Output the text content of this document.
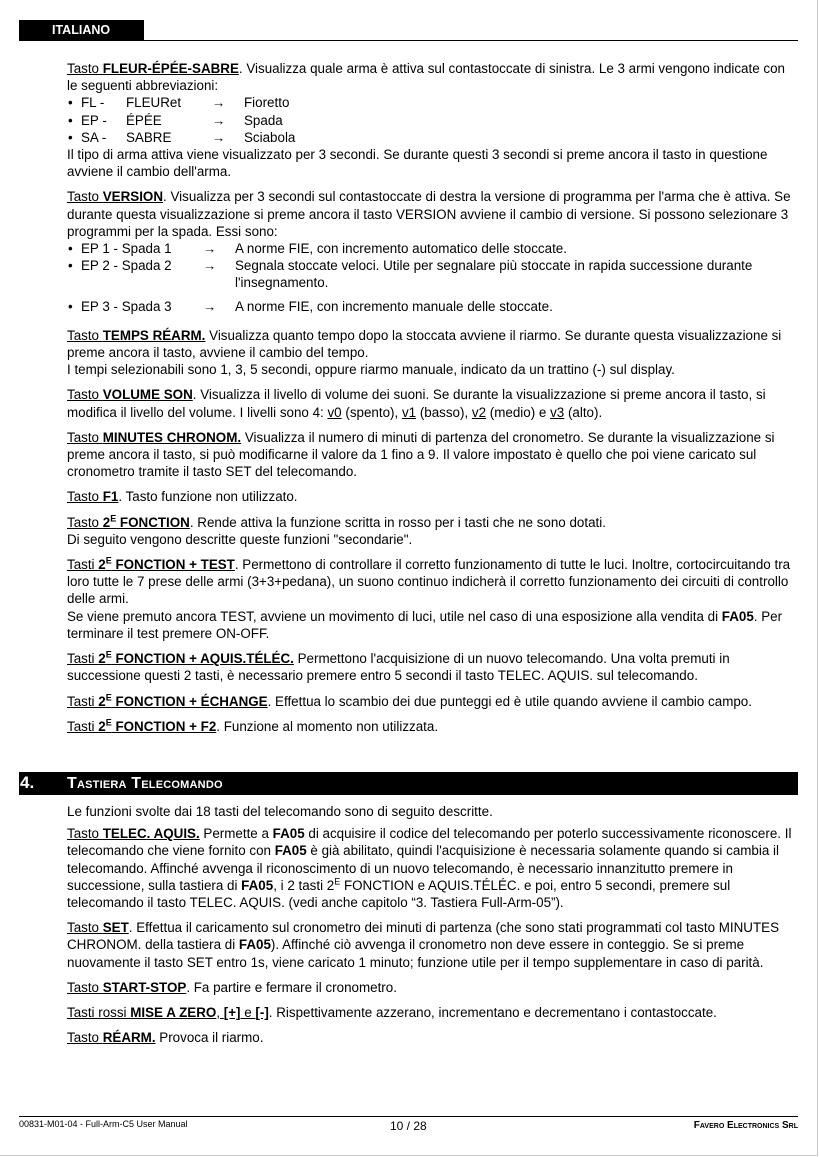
ITALIANO

Tasto FLEUR-ÉPÉE-SABRE. Visualizza quale arma è attiva sul contastoccate di sinistra. Le 3 armi vengono indicate con le seguenti abbreviazioni:

• FL - FLEURet → Fioretto
• EP - ÉPÉE	→ Spada
• SA - SABRE	→ Sciabola

Il tipo di arma attiva viene visualizzato per 3 secondi. Se durante questi 3 secondi si preme ancora il tasto in questione avviene il cambio dell'arma.

Tasto VERSION. Visualizza per 3 secondi sul contastoccate di destra la versione di programma per l'arma che è attiva. Se durante questa visualizzazione si preme ancora il tasto VERSION avviene il cambio di versione. Si possono selezionare 3 programmi per la spada. Essi sono:

• EP 1 - Spada 1	→	A norme FIE, con incremento automatico delle stoccate.
• EP 2 - Spada 2	→	Segnala stoccate veloci. Utile per segnalare più stoccate in rapida successione durante l'insegnamento.
• EP 3 - Spada 3	→	A norme FIE, con incremento manuale delle stoccate.

Tasto TEMPS RÉARM. Visualizza quanto tempo dopo la stoccata avviene il riarmo. Se durante questa visualizzazione si preme ancora il tasto, avviene il cambio del tempo.

I tempi selezionabili sono 1, 3, 5 secondi, oppure riarmo manuale, indicato da un trattino (-) sul display.

Tasto VOLUME SON. Visualizza il livello di volume dei suoni. Se durante la visualizzazione si preme ancora il tasto, si modifica il livello del volume. I livelli sono 4: v0 (spento), v1 (basso), v2 (medio) e v3 (alto).

Tasto MINUTES CHRONOM. Visualizza il numero di minuti di partenza del cronometro. Se durante la visualizzazione si preme ancora il tasto, si può modificarne il valore da 1 fino a 9. Il valore impostato è quello che poi viene caricato sul cronometro tramite il tasto SET del telecomando.

Tasto F1. Tasto funzione non utilizzato.

Tasto $2^E$ FONCTION. Rende attiva la funzione scritta in rosso per i tasti che ne sono dotati.

Di seguito vengono descritte queste funzioni "secondarie".

Tasti $2^E$ FONCTION + TEST. Permettono di controllare il corretto funzionamento di tutte le luci. Inoltre, cortocircuitando tra loro tutte le 7 prese delle armi (3+3+pedana), un suono continuo indicherà il corretto funzionamento dei circuiti di controllo delle armi.

Se viene premuto ancora TEST, avviene un movimento di luci, utile nel caso di una esposizione alla vendita di FA05. Per terminare il test premere ON-OFF.

Tasti $2^E$ FONCTION + AQUIS.TÉLÉC. Permettono l'acquisizione di un nuovo telecomando. Una volta premuti in successione questi 2 tasti, è necessario premere entro 5 secondi il tasto TELEC. AQUIS. sul telecomando.

Tasti $2^E$ FONCTION + ÉCHANGE. Effettua lo scambio dei due punteggi ed è utile quando avviene il cambio campo.

Tasti $2^E$ FONCTION + F2. Funzione al momento non utilizzata.

4. Tastiera Telecomando

Le funzioni svolte dai 18 tasti del telecomando sono di seguito descritte.

Tasto TELEC. AQUIS. Permette a FA05 di acquisire il codice del telecomando per poterlo successivamente riconoscere. Il telecomando che viene fornito con FA05 è già abilitato, quindi l'acquisizione è necessaria solamente quando si cambia il telecomando. Affinché avvenga il riconoscimento di un nuovo telecomando, è necessario innanzitutto premere in successione, sulla tastiera di FA05, i 2 tasti $2^E$ FONCTION e AQUIS.TÉLÉC. e poi, entro 5 secondi, premere sul telecomando il tasto TELEC. AQUIS. (vedi anche capitolo “3. Tastiera Full-Arm-05”).

Tasto SET. Effettua il caricamento sul cronometro dei minuti di partenza (che sono stati programmati col tasto MINUTES CHRONOM. della tastiera di FA05). Affinché ciò avvenga il cronometro non deve essere in conteggio. Se si preme nuovamente il tasto SET entro 1s, viene caricato 1 minuto; funzione utile per il tempo supplementare in caso di parità.

Tasto START-STOP. Fa partire e fermare il cronometro.

Tasti rossi MISE A ZERO, [+] e [-]. Rispettivamente azzerano, incrementano e decrementano i contastoccate.

Tasto RÉARM. Provoca il riarmo.

00831-M01-04 - Full-Arm-C5 User Manual	10 / 28	Favero Electronics Srl
